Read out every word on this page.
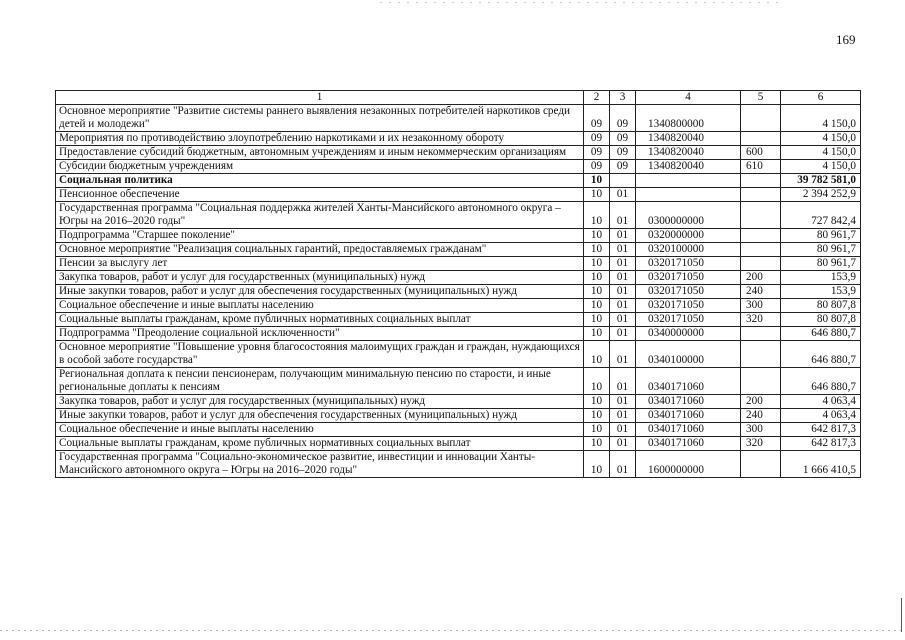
169
1	2	3	4	5	6
Основное мероприятие "Развитие системы раннего выявления незаконных потребителей наркотиков среди детей и молодежи"	09	09	1340800000		4 150,0
Мероприятия по противодействию злоупотреблению наркотиками и их незаконному обороту	09	09	1340820040		4 150,0
Предоставление субсидий бюджетным, автономным учреждениям и иным некоммерческим организациям	09	09	1340820040	600	4 150,0
Субсидии бюджетным учреждениям	09	09	1340820040	610	4 150,0
Социальная политика	10				39 782 581,0
Пенсионное обеспечение	10	01			2 394 252,9
Государственная программа "Социальная поддержка жителей Ханты-Мансийского автономного округа – Югры на 2016–2020 годы"	10	01	0300000000		727 842,4
Подпрограмма "Старшее поколение"	10	01	0320000000		80 961,7
Основное мероприятие "Реализация социальных гарантий, предоставляемых гражданам"	10	01	0320100000		80 961,7
Пенсии за выслугу лет	10	01	0320171050		80 961,7
Закупка товаров, работ и услуг для государственных (муниципальных) нужд	10	01	0320171050	200	153,9
Иные закупки товаров, работ и услуг для обеспечения государственных (муниципальных) нужд	10	01	0320171050	240	153,9
Социальное обеспечение и иные выплаты населению	10	01	0320171050	300	80 807,8
Социальные выплаты гражданам, кроме публичных нормативных социальных выплат	10	01	0320171050	320	80 807,8
Подпрограмма "Преодоление социальной исключенности"	10	01	0340000000		646 880,7
Основное мероприятие "Повышение уровня благосостояния малоимущих граждан и граждан, нуждающихся в особой заботе государства"	10	01	0340100000		646 880,7
Региональная доплата к пенсии пенсионерам, получающим минимальную пенсию по старости, и иные региональные доплаты к пенсиям	10	01	0340171060		646 880,7
Закупка товаров, работ и услуг для государственных (муниципальных) нужд	10	01	0340171060	200	4 063,4
Иные закупки товаров, работ и услуг для обеспечения государственных (муниципальных) нужд	10	01	0340171060	240	4 063,4
Социальное обеспечение и иные выплаты населению	10	01	0340171060	300	642 817,3
Социальные выплаты гражданам, кроме публичных нормативных социальных выплат	10	01	0340171060	320	642 817,3
Государственная программа "Социально-экономическое развитие, инвестиции и инновации Ханты-Мансийского автономного округа – Югры на 2016–2020 годы"	10	01	1600000000		1 666 410,5
